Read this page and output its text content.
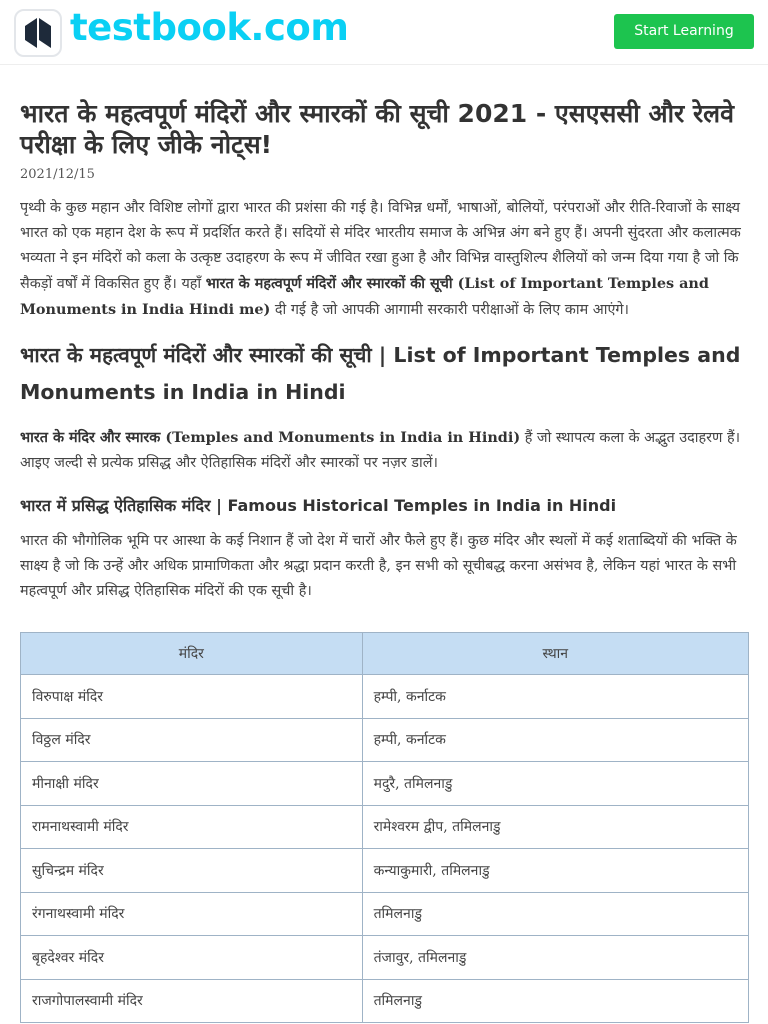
testbook.com	Start Learning
भारत के महत्वपूर्ण मंदिरों और स्मारकों की सूची 2021 - एसएससी और रेलवे परीक्षा के लिए जीके नोट्स!
2021/12/15

पृथ्वी के कुछ महान और विशिष्ट लोगों द्वारा भारत की प्रशंसा की गई है। विभिन्न धर्मों, भाषाओं, बोलियों, परंपराओं और रीति-रिवाजों के साक्ष्य भारत को एक महान देश के रूप में प्रदर्शित करते हैं। सदियों से मंदिर भारतीय समाज के अभिन्न अंग बने हुए हैं। अपनी सुंदरता और कलात्मक भव्यता ने इन मंदिरों को कला के उत्कृष्ट उदाहरण के रूप में जीवित रखा हुआ है और विभिन्न वास्तुशिल्प शैलियों को जन्म दिया गया है जो कि सैकड़ों वर्षों में विकसित हुए हैं। यहाँ भारत के महत्वपूर्ण मंदिरों और स्मारकों की सूची (List of Important Temples and Monuments in India Hindi me) दी गई है जो आपकी आगामी सरकारी परीक्षाओं के लिए काम आएंगे।

भारत के महत्वपूर्ण मंदिरों और स्मारकों की सूची | List of Important Temples and Monuments in India in Hindi

भारत के मंदिर और स्मारक (Temples and Monuments in India in Hindi) हैं जो स्थापत्य कला के अद्भुत उदाहरण हैं। आइए जल्दी से प्रत्येक प्रसिद्ध और ऐतिहासिक मंदिरों और स्मारकों पर नज़र डालें।

भारत में प्रसिद्ध ऐतिहासिक मंदिर | Famous Historical Temples in India in Hindi

भारत की भौगोलिक भूमि पर आस्था के कई निशान हैं जो देश में चारों और फैले हुए हैं। कुछ मंदिर और स्थलों में कई शताब्दियों की भक्ति के साक्ष्य है जो कि उन्हें और अधिक प्रामाणिकता और श्रद्धा प्रदान करती है, इन सभी को सूचीबद्ध करना असंभव है, लेकिन यहां भारत के सभी महत्वपूर्ण और प्रसिद्ध ऐतिहासिक मंदिरों की एक सूची है।

मंदिर	स्थान
विरुपाक्ष मंदिर	हम्पी, कर्नाटक
विठ्ठल मंदिर	हम्पी, कर्नाटक
मीनाक्षी मंदिर	मदुरै, तमिलनाडु
रामनाथस्वामी मंदिर	रामेश्वरम द्वीप, तमिलनाडु
सुचिन्द्रम मंदिर	कन्याकुमारी, तमिलनाडु
रंगनाथस्वामी मंदिर	तमिलनाडु
बृहदेश्वर मंदिर	तंजावुर, तमिलनाडु
राजगोपालस्वामी मंदिर	तमिलनाडु
